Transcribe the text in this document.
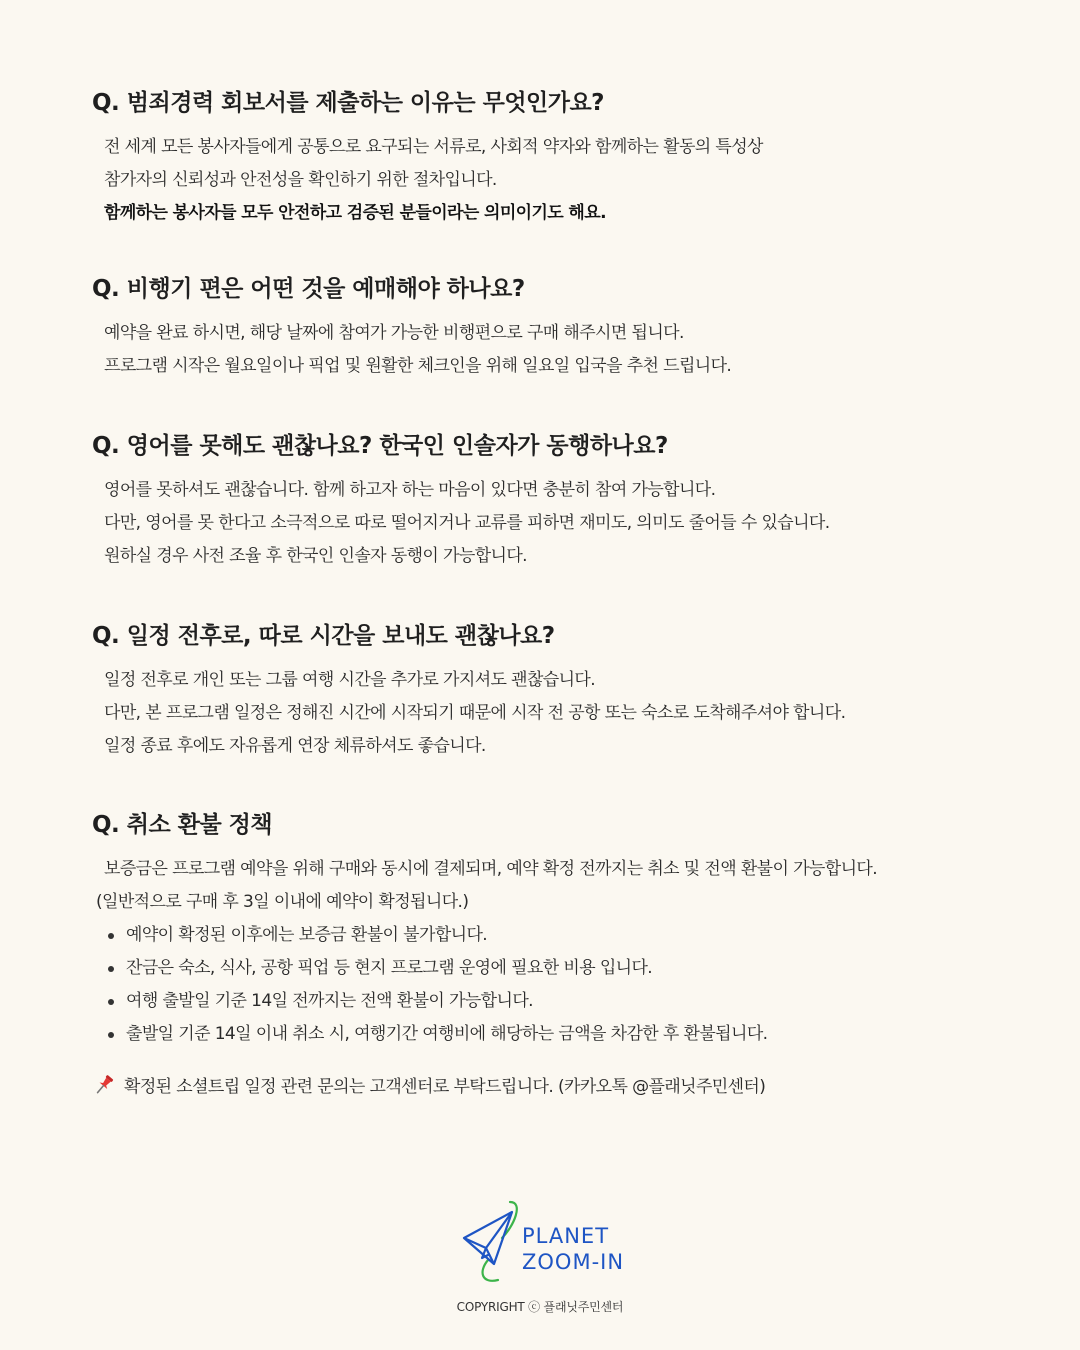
Q. 범죄경력 회보서를 제출하는 이유는 무엇인가요?
전 세계 모든 봉사자들에게 공통으로 요구되는 서류로, 사회적 약자와 함께하는 활동의 특성상
참가자의 신뢰성과 안전성을 확인하기 위한 절차입니다.
함께하는 봉사자들 모두 안전하고 검증된 분들이라는 의미이기도 해요.
Q. 비행기 편은 어떤 것을 예매해야 하나요?
예약을 완료 하시면, 해당 날짜에 참여가 가능한 비행편으로 구매 해주시면 됩니다.
프로그램 시작은 월요일이나 픽업 및 원활한 체크인을 위해 일요일 입국을 추천 드립니다.
Q. 영어를 못해도 괜찮나요? 한국인 인솔자가 동행하나요?
영어를 못하셔도 괜찮습니다. 함께 하고자 하는 마음이 있다면 충분히 참여 가능합니다.
다만, 영어를 못 한다고 소극적으로 따로 떨어지거나 교류를 피하면 재미도, 의미도 줄어들 수 있습니다.
원하실 경우 사전 조율 후 한국인 인솔자 동행이 가능합니다.
Q. 일정 전후로, 따로 시간을 보내도 괜찮나요?
일정 전후로 개인 또는 그룹 여행 시간을 추가로 가지셔도 괜찮습니다.
다만, 본 프로그램 일정은 정해진 시간에 시작되기 때문에 시작 전 공항 또는 숙소로 도착해주셔야 합니다.
일정 종료 후에도 자유롭게 연장 체류하셔도 좋습니다.
Q. 취소 환불 정책
보증금은 프로그램 예약을 위해 구매와 동시에 결제되며, 예약 확정 전까지는 취소 및 전액 환불이 가능합니다.
(일반적으로 구매 후 3일 이내에 예약이 확정됩니다.)
예약이 확정된 이후에는 보증금 환불이 불가합니다.
잔금은 숙소, 식사, 공항 픽업 등 현지 프로그램 운영에 필요한 비용 입니다.
여행 출발일 기준 14일 전까지는 전액 환불이 가능합니다.
출발일 기준 14일 이내 취소 시, 여행기간 여행비에 해당하는 금액을 차감한 후 환불됩니다.
확정된 소셜트립 일정 관련 문의는 고객센터로 부탁드립니다. (카카오톡 @플래닛주민센터)
PLANET
ZOOM-IN
COPYRIGHT ⓒ 플래닛주민센터
